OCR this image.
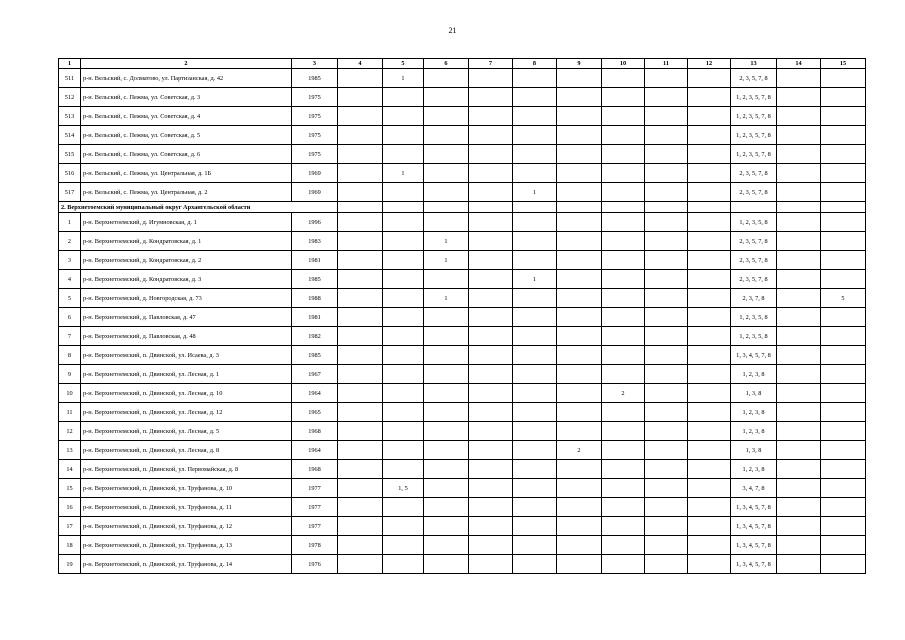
21
1	2	3	4	5	6	7	8	9	10	11	12	13	14	15
511	р-н. Вельский, с. Долматово, ул. Партизанская, д. 42	1985		1								2, 3, 5, 7, 8		
512	р-н. Вельский, с. Пежма, ул. Советская, д. 3	1975										1, 2, 3, 5, 7, 8		
513	р-н. Вельский, с. Пежма, ул. Советская, д. 4	1975										1, 2, 3, 5, 7, 8		
514	р-н. Вельский, с. Пежма, ул. Советская, д. 5	1975										1, 2, 3, 5, 7, 8		
515	р-н. Вельский, с. Пежма, ул. Советская, д. 6	1975										1, 2, 3, 5, 7, 8		
516	р-н. Вельский, с. Пежма, ул. Центральная, д. 1Б	1969		1								2, 3, 5, 7, 8		
517	р-н. Вельский, с. Пежма, ул. Центральная, д. 2	1969					1					2, 3, 5, 7, 8		
2. Верхнетоемский муниципальный округ Архангельской области														
1	р-н. Верхнетоемский, д. Игумновская, д. 1	1996										1, 2, 3, 5, 8		
2	р-н. Верхнетоемский, д. Кондратовская, д. 1	1983			1							2, 3, 5, 7, 8		
3	р-н. Верхнетоемский, д. Кондратовская, д. 2	1981			1							2, 3, 5, 7, 8		
4	р-н. Верхнетоемский, д. Кондратовская, д. 3	1985					1					2, 3, 5, 7, 8		
5	р-н. Верхнетоемский, д. Новгородская, д. 73	1988			1							2, 3, 7, 8		5
6	р-н. Верхнетоемский, д. Павловская, д. 47	1981										1, 2, 3, 5, 8		
7	р-н. Верхнетоемский, д. Павловская, д. 48	1982										1, 2, 3, 5, 8		
8	р-н. Верхнетоемский, п. Двинской, ул. Исаева, д. 3	1985										1, 3, 4, 5, 7, 8		
9	р-н. Верхнетоемский, п. Двинской, ул. Лесная, д. 1	1967										1, 2, 3, 8		
10	р-н. Верхнетоемский, п. Двинской, ул. Лесная, д. 10	1964							2			1, 3, 8		
11	р-н. Верхнетоемский, п. Двинской, ул. Лесная, д. 12	1965										1, 2, 3, 8		
12	р-н. Верхнетоемский, п. Двинской, ул. Лесная, д. 5	1968										1, 2, 3, 8		
13	р-н. Верхнетоемский, п. Двинской, ул. Лесная, д. 8	1964						2				1, 3, 8		
14	р-н. Верхнетоемский, п. Двинской, ул. Первомайская, д. 8	1968										1, 2, 3, 8		
15	р-н. Верхнетоемский, п. Двинской, ул. Труфанова, д. 10	1977		1, 5								3, 4, 7, 8		
16	р-н. Верхнетоемский, п. Двинской, ул. Труфанова, д. 11	1977										1, 3, 4, 5, 7, 8		
17	р-н. Верхнетоемский, п. Двинской, ул. Труфанова, д. 12	1977										1, 3, 4, 5, 7, 8		
18	р-н. Верхнетоемский, п. Двинской, ул. Труфанова, д. 13	1978										1, 3, 4, 5, 7, 8		
19	р-н. Верхнетоемский, п. Двинской, ул. Труфанова, д. 14	1976										1, 3, 4, 5, 7, 8		
